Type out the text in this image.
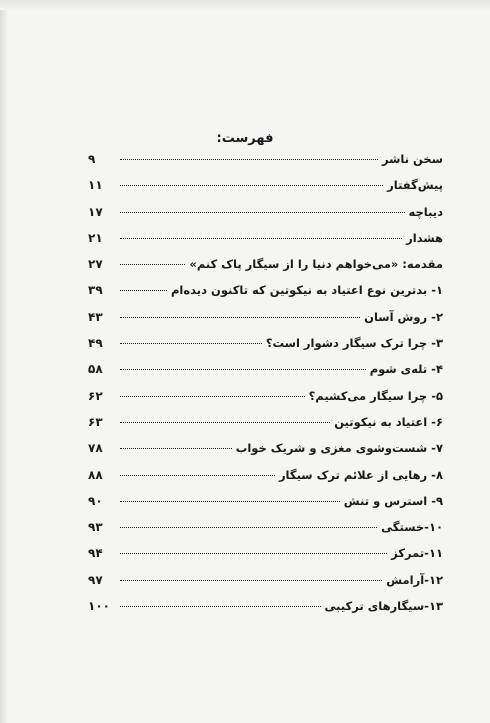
فهرست:
سخن ناشر
۹
پیش‌گفتار
۱۱
دیباچه
۱۷
هشدار
۲۱
مقدمه: «می‌خواهم دنیا را از سیگار پاک کنم»
۲۷
۱- بدترین نوع اعتیاد به نیکوتین که تاکنون دیده‌ام
۳۹
۲- روش آسان
۴۳
۳- چرا ترک سیگار دشوار است؟
۴۹
۴- تله‌ی شوم
۵۸
۵- چرا سیگار می‌کشیم؟
۶۲
۶- اعتیاد به نیکوتین
۶۳
۷- شست‌وشوی مغزی و شریک خواب
۷۸
۸- رهایی از علائم ترک سیگار
۸۸
۹- استرس و تنش
۹۰
۱۰-خستگی
۹۳
۱۱-تمرکز
۹۴
۱۲-آرامش
۹۷
۱۳-سیگارهای ترکیبی
۱۰۰
